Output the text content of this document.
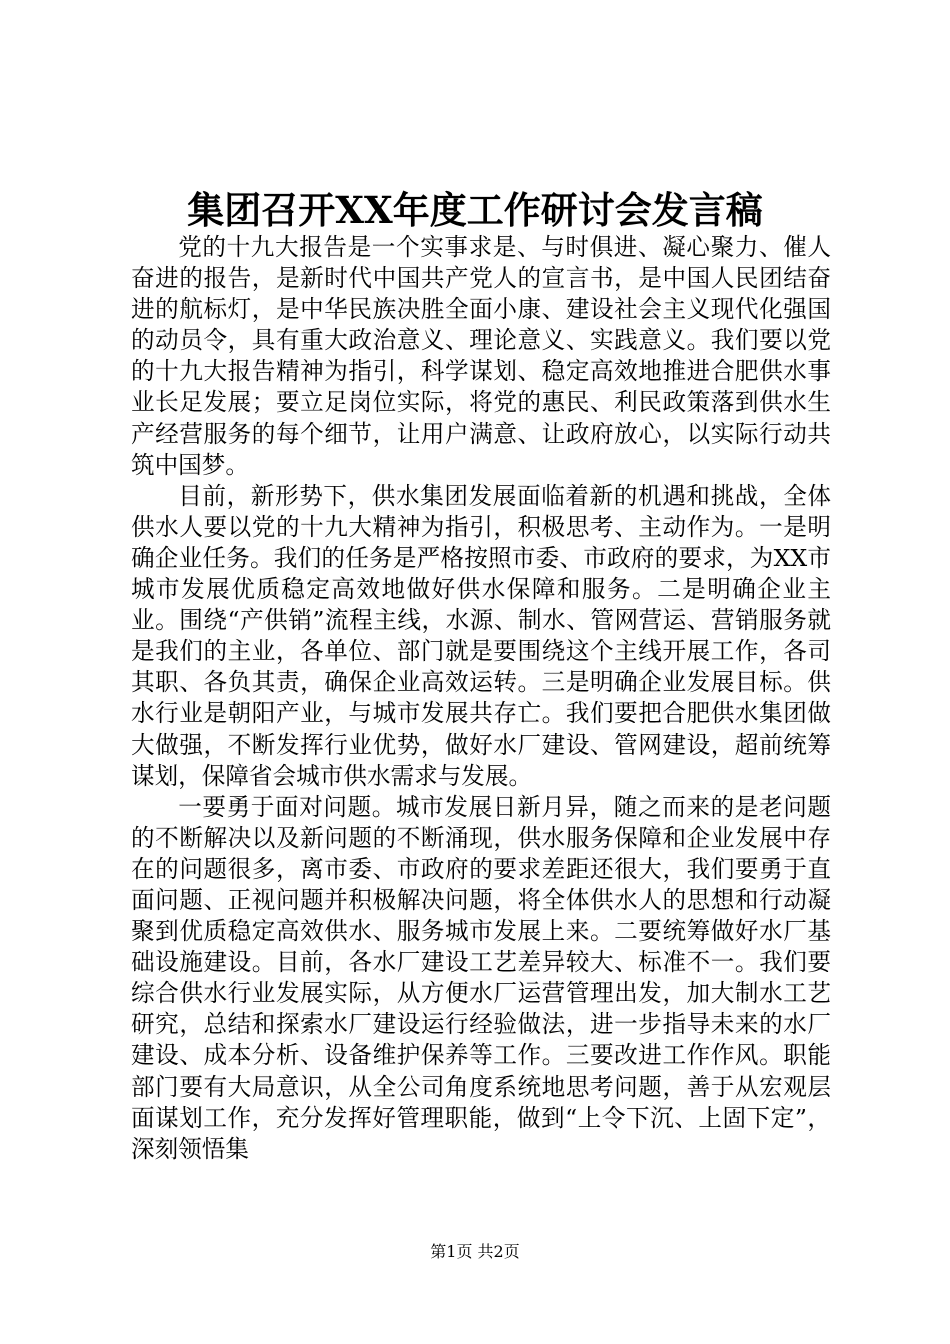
集团召开XX年度工作研讨会发言稿

党的十九大报告是一个实事求是、与时俱进、凝心聚力、催人奋进的报告，是新时代中国共产党人的宣言书，是中国人民团结奋进的航标灯，是中华民族决胜全面小康、建设社会主义现代化强国的动员令，具有重大政治意义、理论意义、实践意义。我们要以党的十九大报告精神为指引，科学谋划、稳定高效地推进合肥供水事业长足发展；要立足岗位实际，将党的惠民、利民政策落到供水生产经营服务的每个细节，让用户满意、让政府放心，以实际行动共筑中国梦。

目前，新形势下，供水集团发展面临着新的机遇和挑战，全体供水人要以党的十九大精神为指引，积极思考、主动作为。一是明确企业任务。我们的任务是严格按照市委、市政府的要求，为XX市城市发展优质稳定高效地做好供水保障和服务。二是明确企业主业。围绕“产供销”流程主线，水源、制水、管网营运、营销服务就是我们的主业，各单位、部门就是要围绕这个主线开展工作，各司其职、各负其责，确保企业高效运转。三是明确企业发展目标。供水行业是朝阳产业，与城市发展共存亡。我们要把合肥供水集团做大做强，不断发挥行业优势，做好水厂建设、管网建设，超前统筹谋划，保障省会城市供水需求与发展。

一要勇于面对问题。城市发展日新月异，随之而来的是老问题的不断解决以及新问题的不断涌现，供水服务保障和企业发展中存在的问题很多，离市委、市政府的要求差距还很大，我们要勇于直面问题、正视问题并积极解决问题，将全体供水人的思想和行动凝聚到优质稳定高效供水、服务城市发展上来。二要统筹做好水厂基础设施建设。目前，各水厂建设工艺差异较大、标准不一。我们要综合供水行业发展实际，从方便水厂运营管理出发，加大制水工艺研究，总结和探索水厂建设运行经验做法，进一步指导未来的水厂建设、成本分析、设备维护保养等工作。三要改进工作作风。职能部门要有大局意识，从全公司角度系统地思考问题，善于从宏观层面谋划工作，充分发挥好管理职能，做到“上令下沉、上固下定”，深刻领悟集

第1页 共2页
